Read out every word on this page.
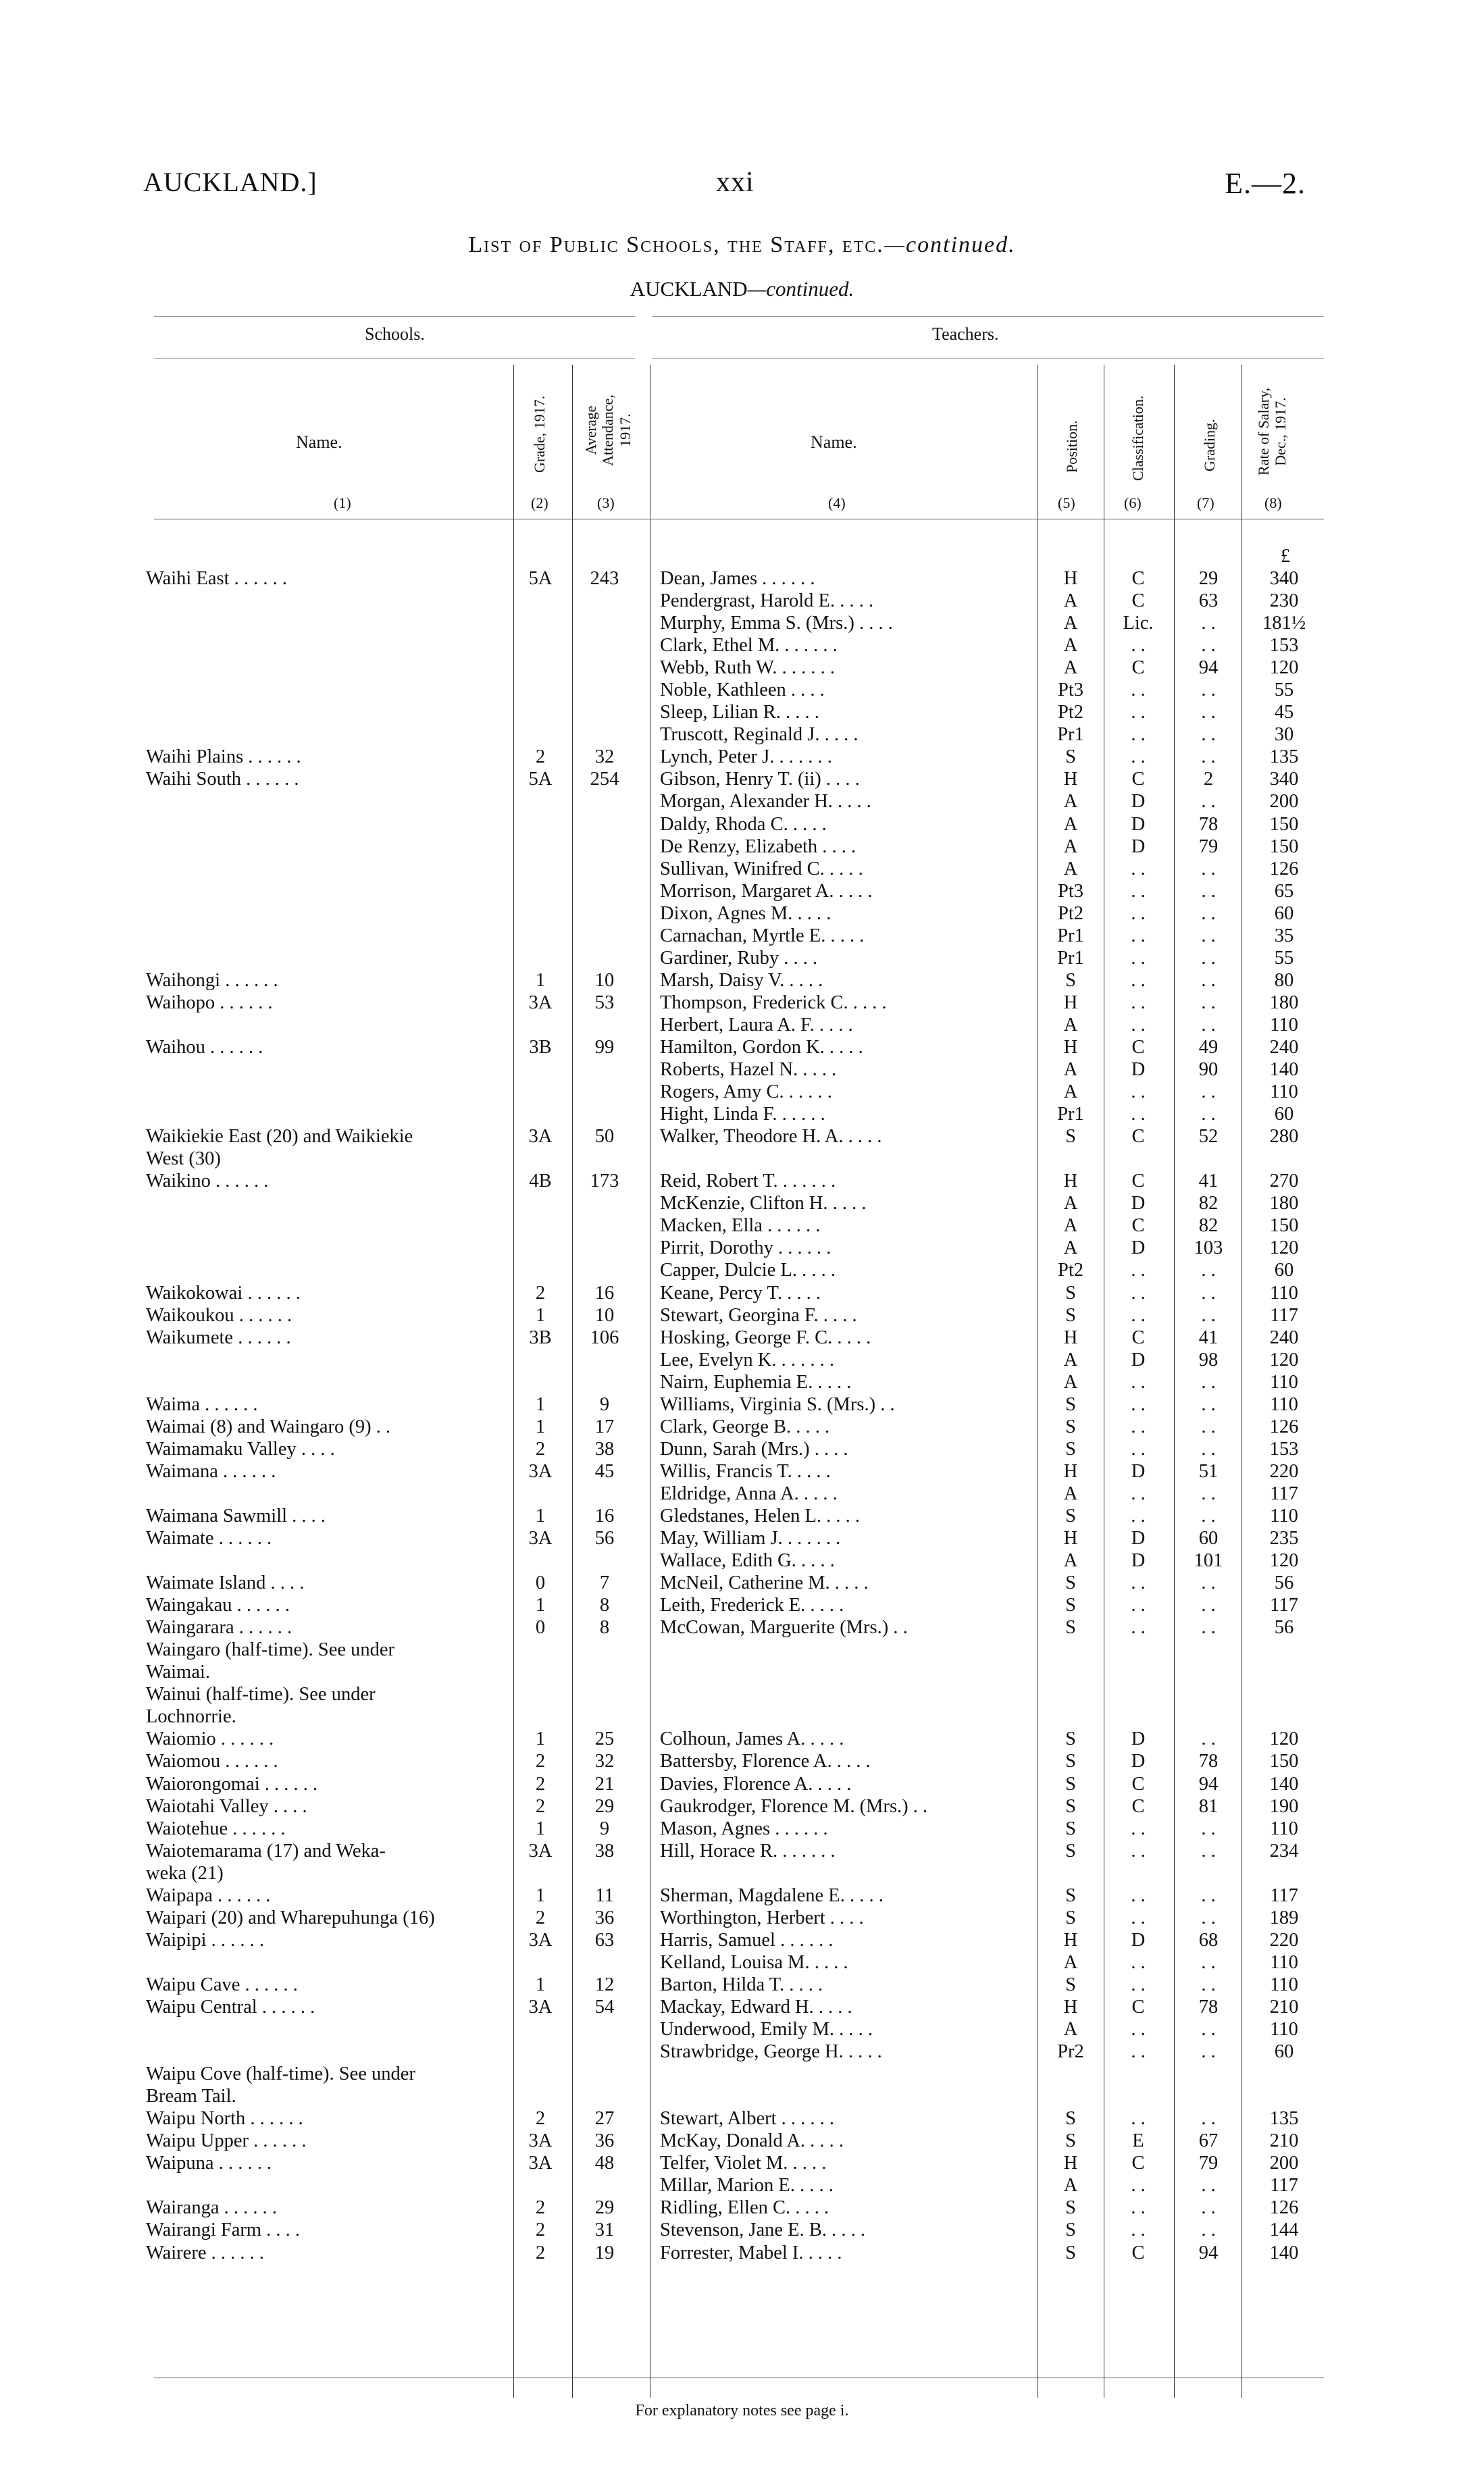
AUCKLAND.]	xxi	E.—2.
List of Public Schools, the Staff, etc.—continued.
AUCKLAND—continued.
Schools.	Teachers.
Name.	Grade, 1917. Average Attendance, 1917.	Name.	Position.	Classification.	Grading.	Rate of Salary, Dec., 1917.
(1)	(2)	(3)	(4)	(5)	(6)	(7)	(8)
£
Waihi East . . . . . .	5A	243	Dean, James . . . . . .	H	C	29	340
Pendergrast, Harold E. . . . .	A	C	63	230
Murphy, Emma S. (Mrs.) . . . .	A	Lic.	. .	181½
Clark, Ethel M. . . . . . .	A	. .	. .	153
Webb, Ruth W. . . . . . .	A	C	94	120
Noble, Kathleen . . . .	Pt3	. .	. .	55
Sleep, Lilian R. . . . .	Pt2	. .	. .	45
Truscott, Reginald J. . . . .	Pr1	. .	. .	30
Waihi Plains . . . . . .	2	32	Lynch, Peter J. . . . . . .	S	. .	. .	135
Waihi South . . . . . .	5A	254	Gibson, Henry T. (ii) . . . .	H	C	2	340
Morgan, Alexander H. . . . .	A	D	. .	200
Daldy, Rhoda C. . . . .	A	D	78	150
De Renzy, Elizabeth . . . .	A	D	79	150
Sullivan, Winifred C. . . . .	A	. .	. .	126
Morrison, Margaret A. . . . .	Pt3	. .	. .	65
Dixon, Agnes M. . . . .	Pt2	. .	. .	60
Carnachan, Myrtle E. . . . .	Pr1	. .	. .	35
Gardiner, Ruby . . . .	Pr1	. .	. .	55
Waihongi . . . . . .	1	10	Marsh, Daisy V. . . . .	S	. .	. .	80
Waihopo . . . . . .	3A	53	Thompson, Frederick C. . . . .	H	. .	. .	180
Herbert, Laura A. F. . . . .	A	. .	. .	110
Waihou . . . . . .	3B	99	Hamilton, Gordon K. . . . .	H	C	49	240
Roberts, Hazel N. . . . .	A	D	90	140
Rogers, Amy C. . . . . .	A	. .	. .	110
Hight, Linda F. . . . . .	Pr1	. .	. .	60
Waikiekie East (20) and Waikiekie	3A	50	Walker, Theodore H. A. . . . .	S	C	52	280
West (30)
Waikino . . . . . .	4B	173	Reid, Robert T. . . . . . .	H	C	41	270
McKenzie, Clifton H. . . . .	A	D	82	180
Macken, Ella . . . . . .	A	C	82	150
Pirrit, Dorothy . . . . . .	A	D	103	120
Capper, Dulcie L. . . . .	Pt2	. .	. .	60
Waikokowai . . . . . .	2	16	Keane, Percy T. . . . .	S	. .	. .	110
Waikoukou . . . . . .	1	10	Stewart, Georgina F. . . . .	S	. .	. .	117
Waikumete . . . . . .	3B	106	Hosking, George F. C. . . . .	H	C	41	240
Lee, Evelyn K. . . . . . .	A	D	98	120
Nairn, Euphemia E. . . . .	A	. .	. .	110
Waima . . . . . .	1	9	Williams, Virginia S. (Mrs.) . .	S	. .	. .	110
Waimai (8) and Waingaro (9) . .	1	17	Clark, George B. . . . .	S	. .	. .	126
Waimamaku Valley . . . .	2	38	Dunn, Sarah (Mrs.) . . . .	S	. .	. .	153
Waimana . . . . . .	3A	45	Willis, Francis T. . . . .	H	D	51	220
Eldridge, Anna A. . . . .	A	. .	. .	117
Waimana Sawmill . . . .	1	16	Gledstanes, Helen L. . . . .	S	. .	. .	110
Waimate . . . . . .	3A	56	May, William J. . . . . . .	H	D	60	235
Wallace, Edith G. . . . .	A	D	101	120
Waimate Island . . . .	0	7	McNeil, Catherine M. . . . .	S	. .	. .	56
Waingakau . . . . . .	1	8	Leith, Frederick E. . . . .	S	. .	. .	117
Waingarara . . . . . .	0	8	McCowan, Marguerite (Mrs.) . .	S	. .	. .	56
Waingaro (half-time). See under
Waimai.
Wainui (half-time). See under
Lochnorrie.
Waiomio . . . . . .	1	25	Colhoun, James A. . . . .	S	D	. .	120
Waiomou . . . . . .	2	32	Battersby, Florence A. . . . .	S	D	78	150
Waiorongomai . . . . . .	2	21	Davies, Florence A. . . . .	S	C	94	140
Waiotahi Valley . . . .	2	29	Gaukrodger, Florence M. (Mrs.) . .	S	C	81	190
Waiotehue . . . . . .	1	9	Mason, Agnes . . . . . .	S	. .	. .	110
Waiotemarama (17) and Weka-	3A	38	Hill, Horace R. . . . . . .	S	. .	. .	234
weka (21)
Waipapa . . . . . .	1	11	Sherman, Magdalene E. . . . .	S	. .	. .	117
Waipari (20) and Wharepuhunga (16)	2	36	Worthington, Herbert . . . .	S	. .	. .	189
Waipipi . . . . . .	3A	63	Harris, Samuel . . . . . .	H	D	68	220
Kelland, Louisa M. . . . .	A	. .	. .	110
Waipu Cave . . . . . .	1	12	Barton, Hilda T. . . . .	S	. .	. .	110
Waipu Central . . . . . .	3A	54	Mackay, Edward H. . . . .	H	C	78	210
Underwood, Emily M. . . . .	A	. .	. .	110
Strawbridge, George H. . . . .	Pr2	. .	. .	60
Waipu Cove (half-time). See under
Bream Tail.
Waipu North . . . . . .	2	27	Stewart, Albert . . . . . .	S	. .	. .	135
Waipu Upper . . . . . .	3A	36	McKay, Donald A. . . . .	S	E	67	210
Waipuna . . . . . .	3A	48	Telfer, Violet M. . . . .	H	C	79	200
Millar, Marion E. . . . .	A	. .	. .	117
Wairanga . . . . . .	2	29	Ridling, Ellen C. . . . .	S	. .	. .	126
Wairangi Farm . . . .	2	31	Stevenson, Jane E. B. . . . .	S	. .	. .	144
Wairere . . . . . .	2	19	Forrester, Mabel I. . . . .	S	C	94	140
For explanatory notes see page i.
